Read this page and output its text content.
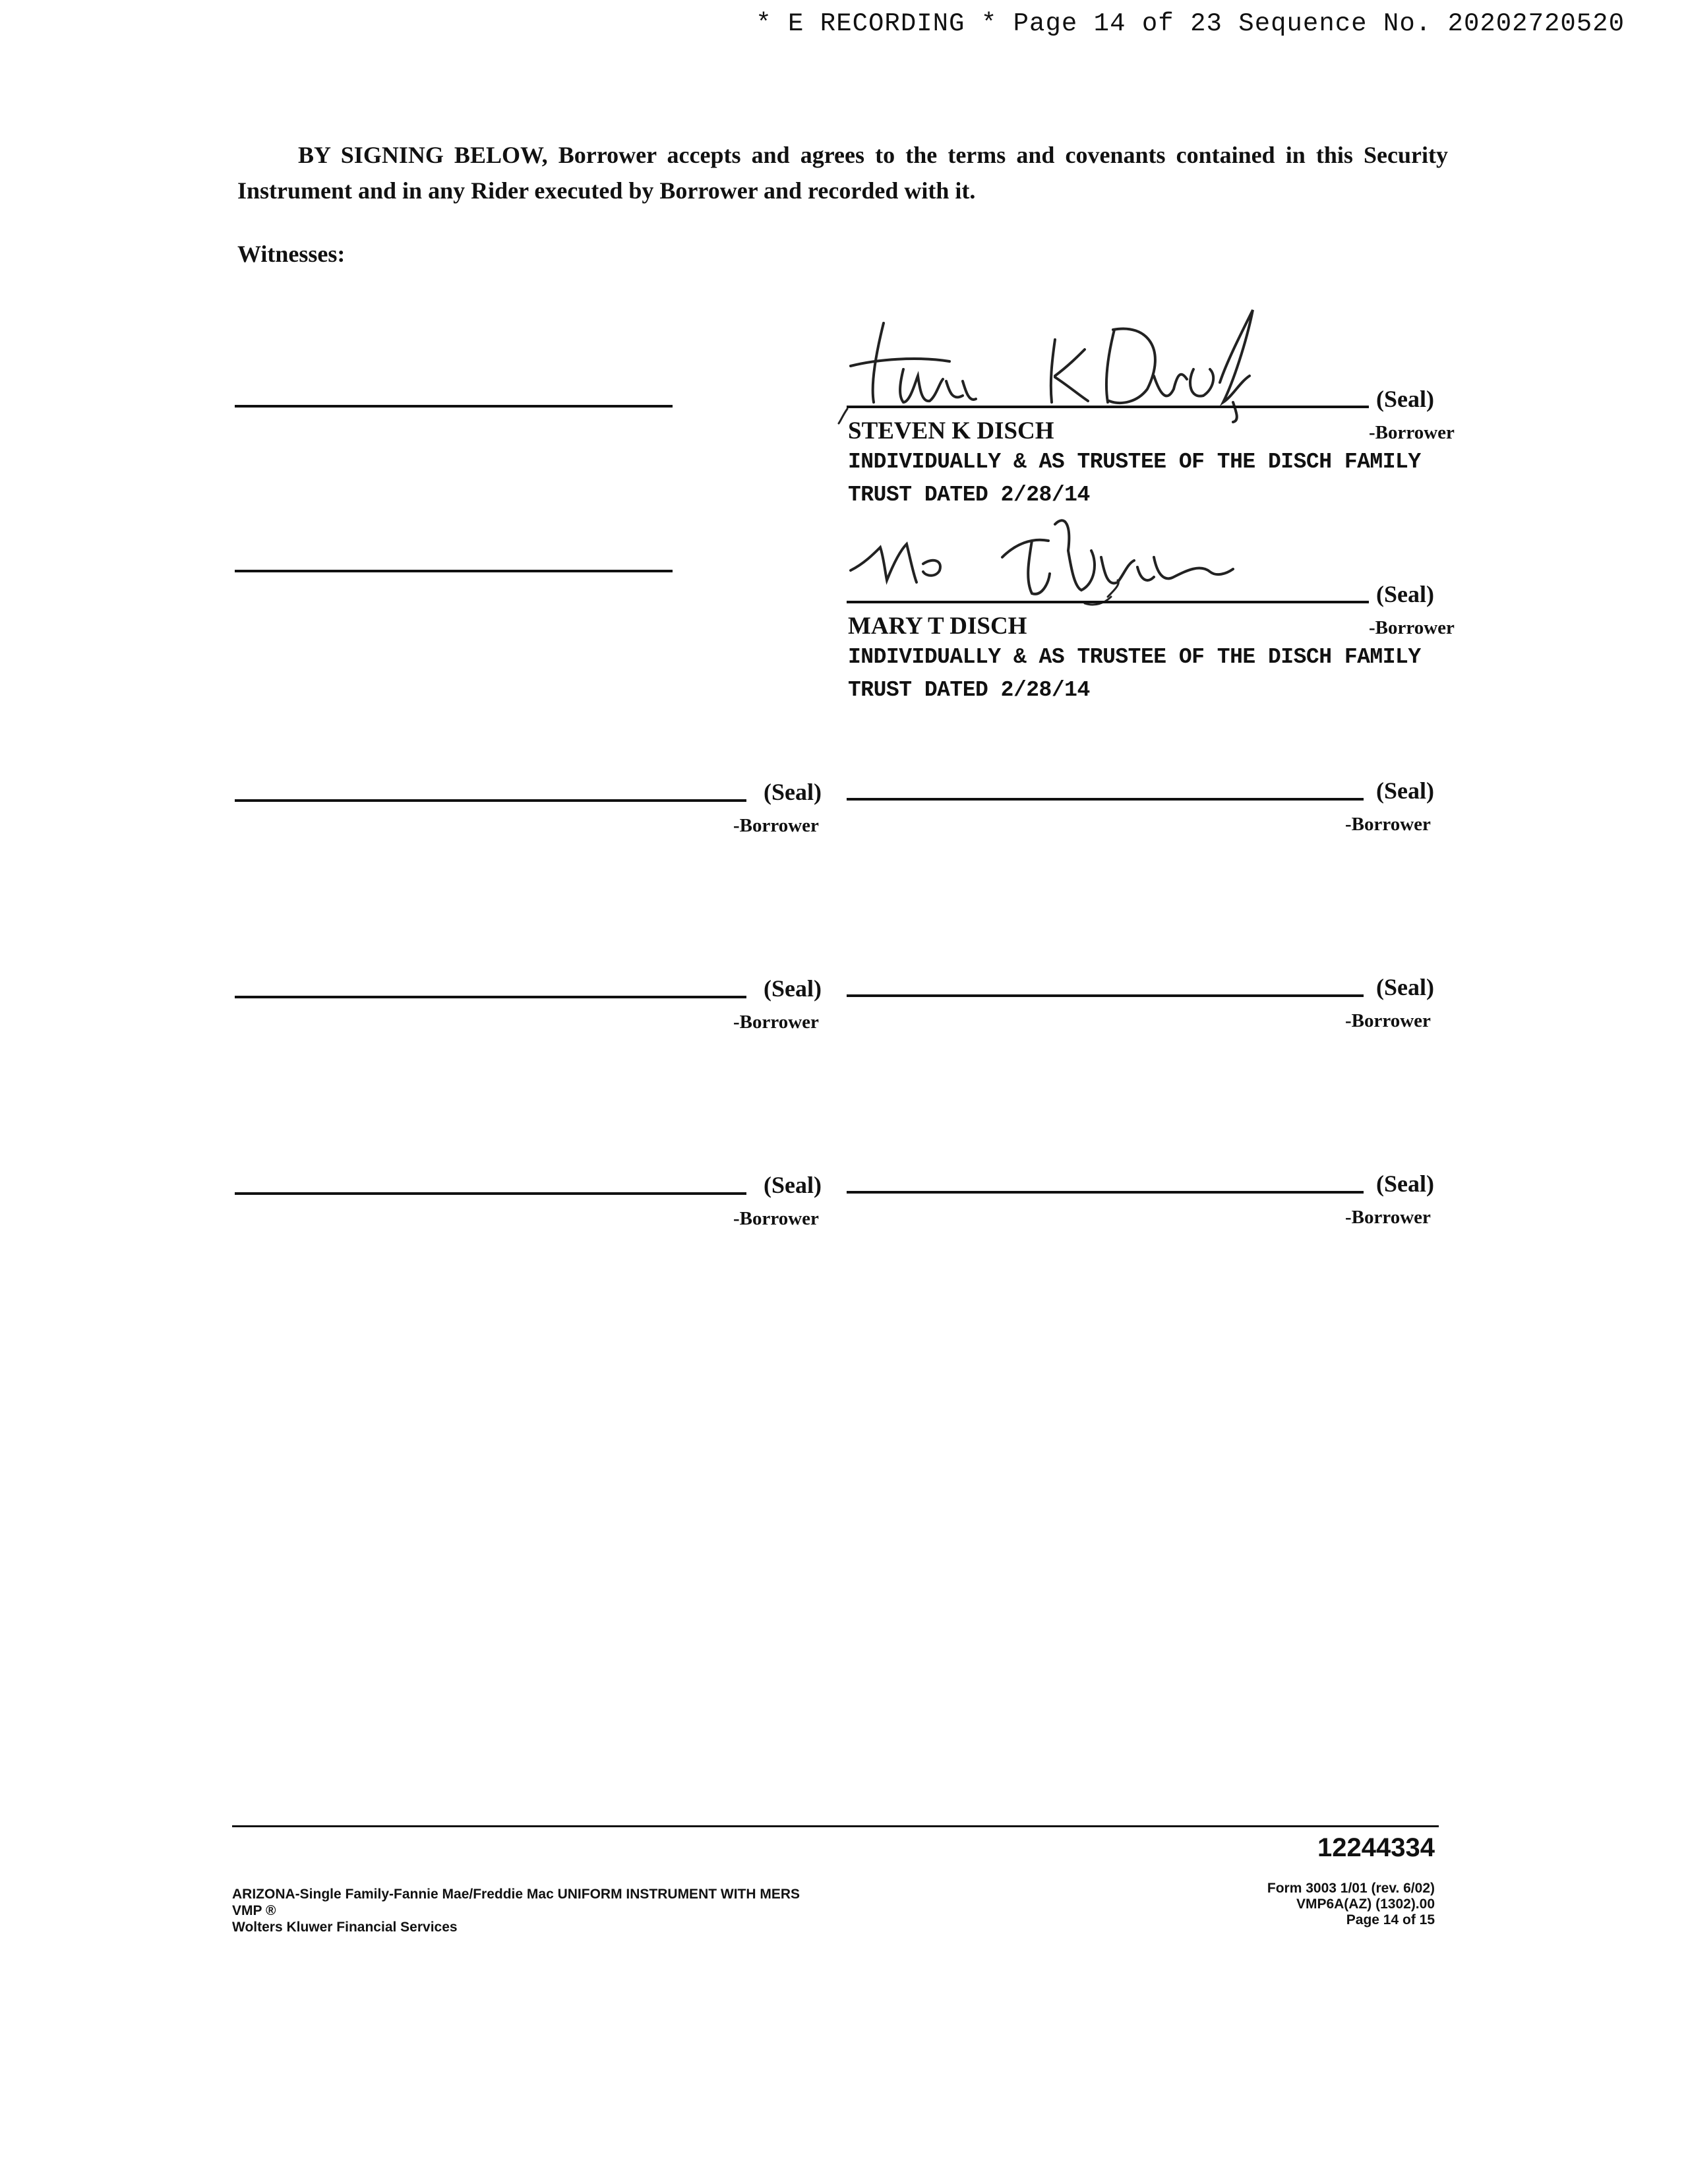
* E RECORDING * Page 14 of 23 Sequence No. 20202720520
BY SIGNING BELOW, Borrower accepts and agrees to the terms and covenants contained in this Security Instrument and in any Rider executed by Borrower and recorded with it.
Witnesses:
(Seal)
-Borrower
STEVEN K DISCH
INDIVIDUALLY & AS TRUSTEE OF THE DISCH FAMILY
TRUST DATED 2/28/14
(Seal)
-Borrower
MARY T DISCH
INDIVIDUALLY & AS TRUSTEE OF THE DISCH FAMILY
TRUST DATED 2/28/14
(Seal)
-Borrower
(Seal)
-Borrower
(Seal)
-Borrower
(Seal)
-Borrower
(Seal)
-Borrower
(Seal)
-Borrower
12244334
ARIZONA-Single Family-Fannie Mae/Freddie Mac UNIFORM INSTRUMENT WITH MERS
VMP ®
Wolters Kluwer Financial Services
Form 3003 1/01 (rev. 6/02)
VMP6A(AZ) (1302).00
Page 14 of 15
